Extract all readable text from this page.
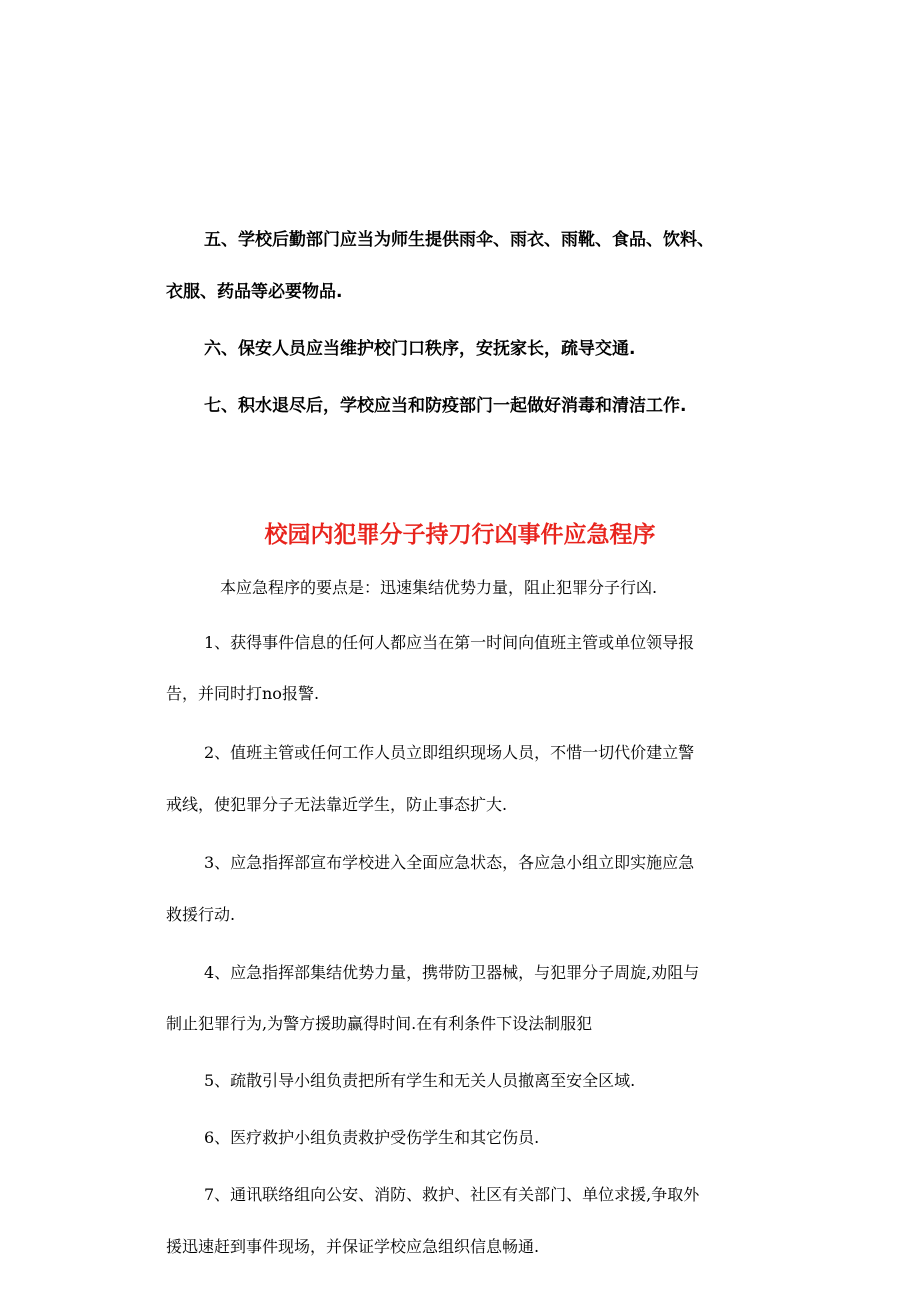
五、学校后勤部门应当为师生提供雨伞、雨衣、雨靴、食品、饮料、

衣服、药品等必要物品.

六、保安人员应当维护校门口秩序，安抚家长，疏导交通.

七、积水退尽后，学校应当和防疫部门一起做好消毒和清洁工作.

校园内犯罪分子持刀行凶事件应急程序

本应急程序的要点是：迅速集结优势力量，阻止犯罪分子行凶.

1、获得事件信息的任何人都应当在第一时间向值班主管或单位领导报

告，并同时打no报警.

2、值班主管或任何工作人员立即组织现场人员，不惜一切代价建立警

戒线，使犯罪分子无法靠近学生，防止事态扩大.

3、应急指挥部宣布学校进入全面应急状态，各应急小组立即实施应急

救援行动.

4、应急指挥部集结优势力量，携带防卫器械，与犯罪分子周旋,劝阻与

制止犯罪行为,为警方援助赢得时间.在有利条件下设法制服犯

5、疏散引导小组负责把所有学生和无关人员撤离至安全区域.

6、医疗救护小组负责救护受伤学生和其它伤员.

7、通讯联络组向公安、消防、救护、社区有关部门、单位求援,争取外

援迅速赶到事件现场，并保证学校应急组织信息畅通.
